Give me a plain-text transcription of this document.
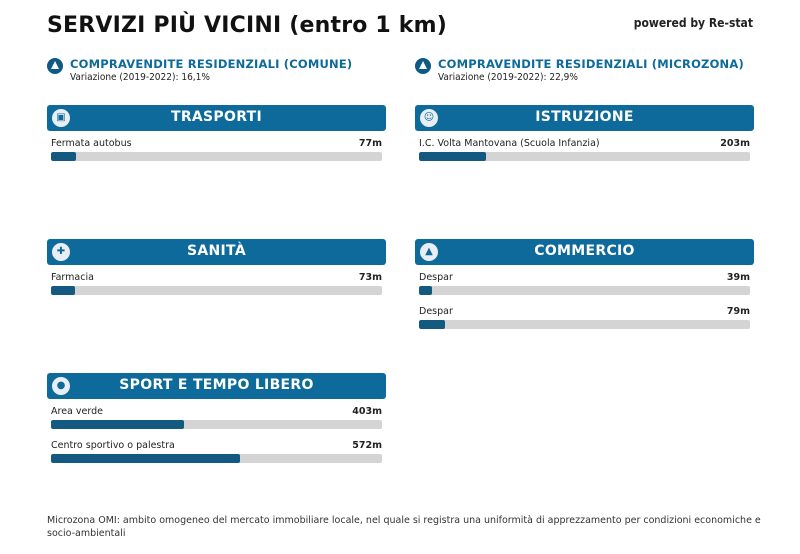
SERVIZI PIÙ VICINI (entro 1 km)	powered by Re-stat
COMPRAVENDITE RESIDENZIALI (COMUNE)
Variazione (2019-2022): 16,1%
COMPRAVENDITE RESIDENZIALI (MICROZONA)
Variazione (2019-2022): 22,9%
▣	TRASPORTI
Fermata autobus	77m
☺	ISTRUZIONE
I.C. Volta Mantovana (Scuola Infanzia)	203m
✚	SANITÀ
Farmacia	73m
▲	COMMERCIO
Despar	39m
Despar	79m
●	SPORT E TEMPO LIBERO
Area verde	403m
Centro sportivo o palestra	572m
Microzona OMI: ambito omogeneo del mercato immobiliare locale, nel quale si registra una uniformità di apprezzamento per condizioni economiche e socio-ambientali
